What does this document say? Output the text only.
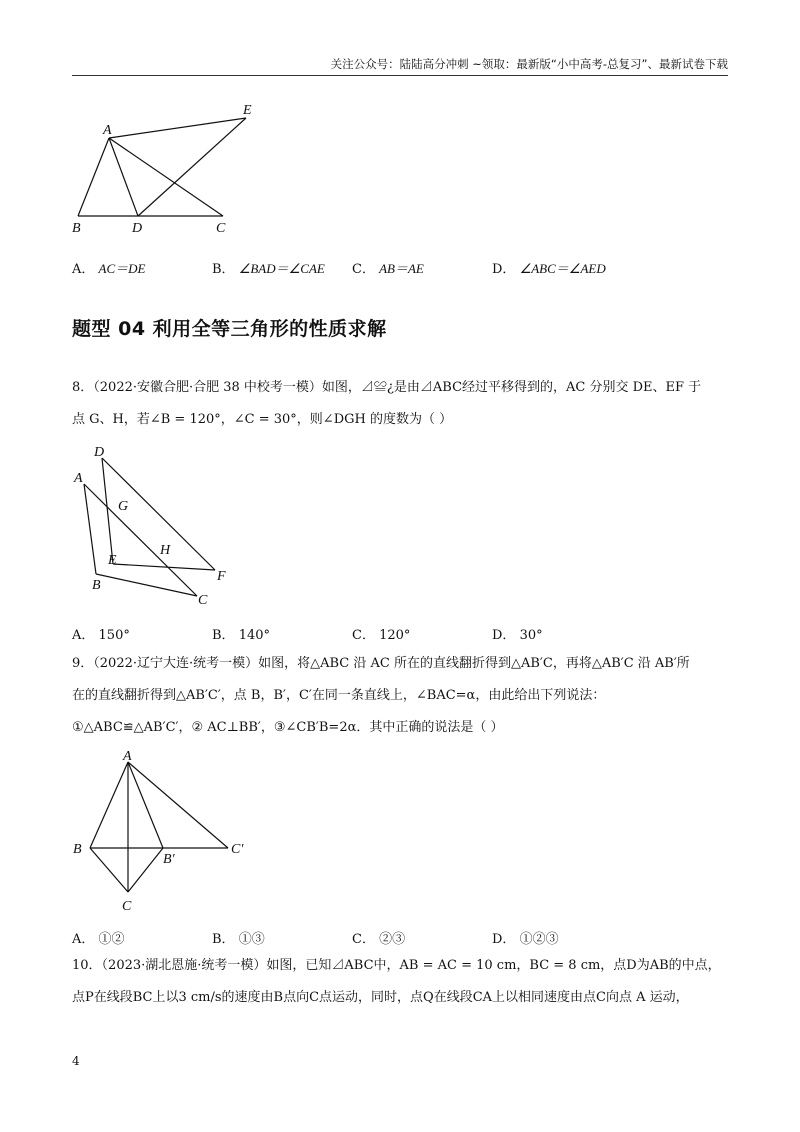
关注公众号：陆陆高分冲刺 ~领取：最新版“小中高考-总复习”、最新试卷下载
A
B	D	C
E
A． AC＝DE	B． ∠BAD＝∠CAE C． AB＝AE	D． ∠ABC＝∠AED
题型 04 利用全等三角形的性质求解
8．（2022·安徽合肥·合肥 38 中校考一模）如图，⊿≌¿是由⊿ABC经过平移得到的，AC 分别交 DE、EF 于
点 G、H，若∠B = 120°，∠C = 30°，则∠DGH 的度数为（ ）
D
A
G
H
E
F
B
C
A． 150°	B． 140°	C． 120°	D． 30°
9．（2022·辽宁大连·统考一模）如图，将△ABC 沿 AC 所在的直线翻折得到△AB′C，再将△AB′C 沿 AB′所
在的直线翻折得到△AB′C′，点 B，B′，C′在同一条直线上，∠BAC=α，由此给出下列说法：
①△ABC≌△AB′C′，② AC⊥BB′，③∠CB′B=2α．其中正确的说法是（ ）
A
B
B′
C′
C
A． ①②	B． ①③	C． ②③	D． ①②③
10．（2023·湖北恩施·统考一模）如图，已知⊿ABC中，AB = AC = 10 cm，BC = 8 cm，点D为AB的中点，
点P在线段BC上以3 cm/s的速度由B点向C点运动，同时，点Q在线段CA上以相同速度由点C向点 A 运动，
4
